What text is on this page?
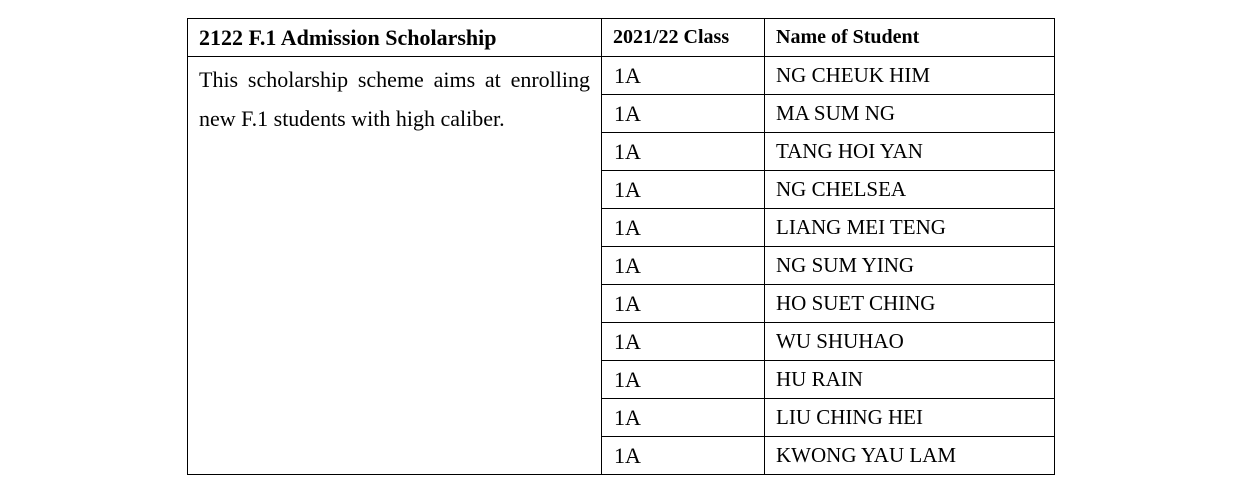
2122 F.1 Admission Scholarship	2021/22 Class	Name of Student
This scholarship scheme aims at enrolling new F.1 students with high caliber.	1A	NG CHEUK HIM
	1A	MA SUM NG
	1A	TANG HOI YAN
	1A	NG CHELSEA
	1A	LIANG MEI TENG
	1A	NG SUM YING
	1A	HO SUET CHING
	1A	WU SHUHAO
	1A	HU RAIN
	1A	LIU CHING HEI
	1A	KWONG YAU LAM
